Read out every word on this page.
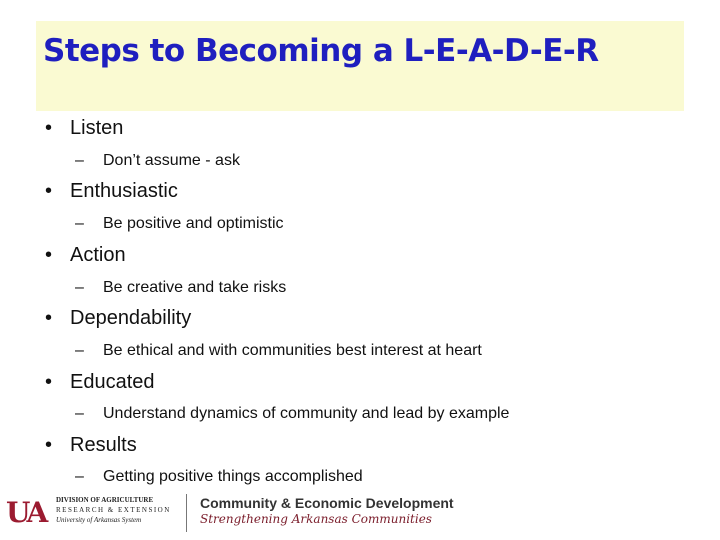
Steps to Becoming a L-E-A-D-E-R
• Listen
– Don’t assume - ask
• Enthusiastic
– Be positive and optimistic
• Action
– Be creative and take risks
• Dependability
– Be ethical and with communities best interest at heart
• Educated
– Understand dynamics of community and lead by example
• Results
– Getting positive things accomplished
UA	DIVISION OF AGRICULTURE
RESEARCH & EXTENSION
University of Arkansas System
Community & Economic Development
Strengthening Arkansas Communities
